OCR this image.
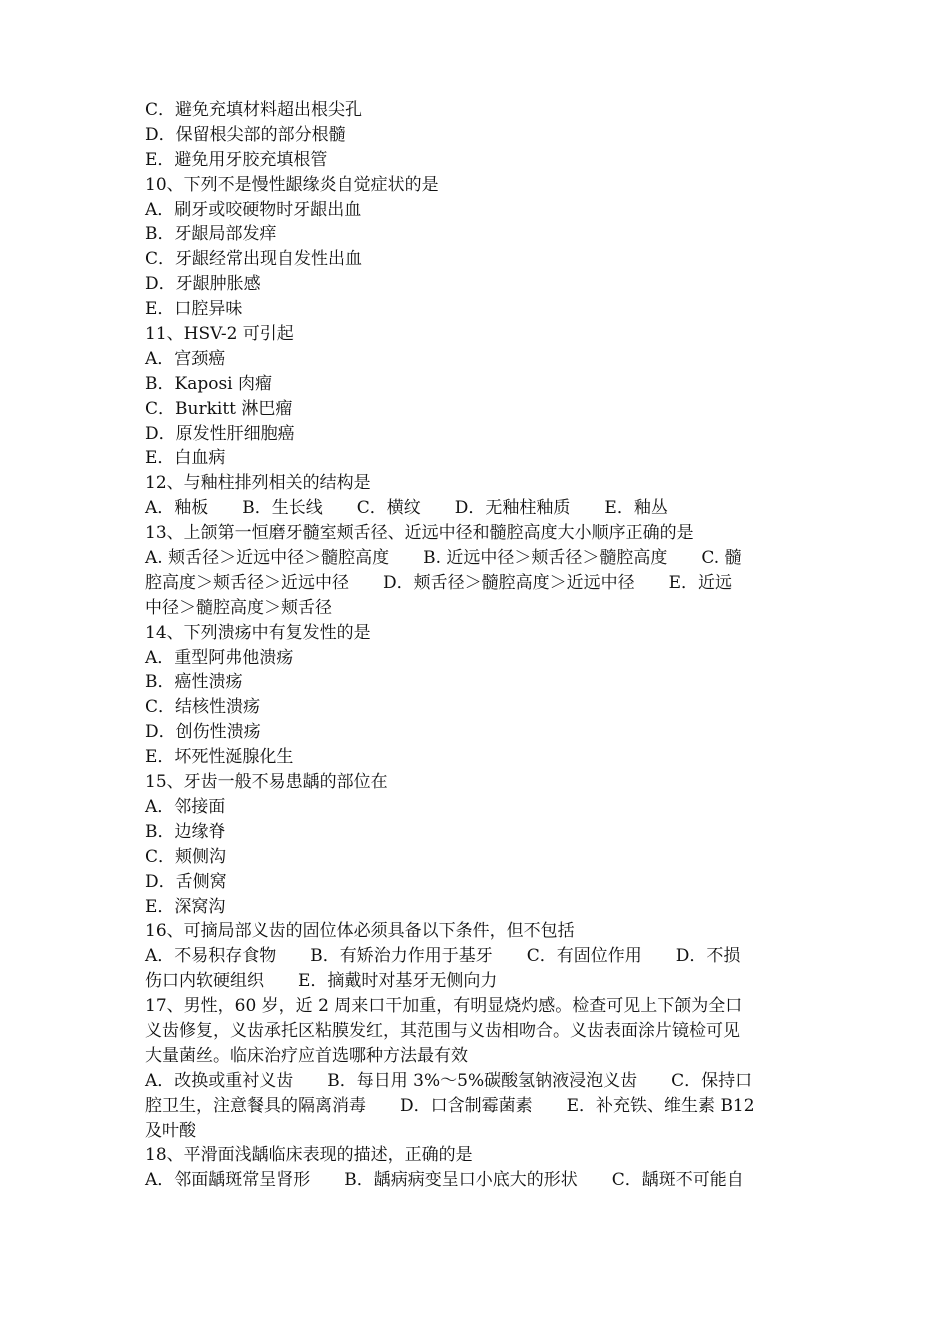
C．避免充填材料超出根尖孔
D．保留根尖部的部分根髓
E．避免用牙胶充填根管
10、下列不是慢性龈缘炎自觉症状的是
A．刷牙或咬硬物时牙龈出血
B．牙龈局部发痒
C．牙龈经常出现自发性出血
D．牙龈肿胀感
E．口腔异味
11、HSV-2 可引起
A．宫颈癌
B．Kaposi 肉瘤
C．Burkitt 淋巴瘤
D．原发性肝细胞癌
E．白血病
12、与釉柱排列相关的结构是
A．釉板　　B．生长线　　C．横纹　　D．无釉柱釉质　　E．釉丛
13、上颌第一恒磨牙髓室颊舌径、近远中径和髓腔高度大小顺序正确的是
A. 颊舌径＞近远中径＞髓腔高度　　B. 近远中径＞颊舌径＞髓腔高度　　C. 髓
腔高度＞颊舌径＞近远中径　　D．颊舌径＞髓腔高度＞近远中径　　E．近远
中径＞髓腔高度＞颊舌径
14、下列溃疡中有复发性的是
A．重型阿弗他溃疡
B．癌性溃疡
C．结核性溃疡
D．创伤性溃疡
E．坏死性涎腺化生
15、牙齿一般不易患龋的部位在
A．邻接面
B．边缘脊
C．颊侧沟
D．舌侧窝
E．深窝沟
16、可摘局部义齿的固位体必须具备以下条件，但不包括
A．不易积存食物　　B．有矫治力作用于基牙　　C．有固位作用　　D．不损
伤口内软硬组织　　E．摘戴时对基牙无侧向力
17、男性，60 岁，近 2 周来口干加重，有明显烧灼感。检查可见上下颌为全口
义齿修复，义齿承托区粘膜发红，其范围与义齿相吻合。义齿表面涂片镜检可见
大量菌丝。临床治疗应首选哪种方法最有效
A．改换或重衬义齿　　B．每日用 3%～5%碳酸氢钠液浸泡义齿　　C．保持口
腔卫生，注意餐具的隔离消毒　　D．口含制霉菌素　　E．补充铁、维生素 B12
及叶酸
18、平滑面浅龋临床表现的描述，正确的是
A．邻面龋斑常呈肾形　　B．龋病病变呈口小底大的形状　　C．龋斑不可能自
